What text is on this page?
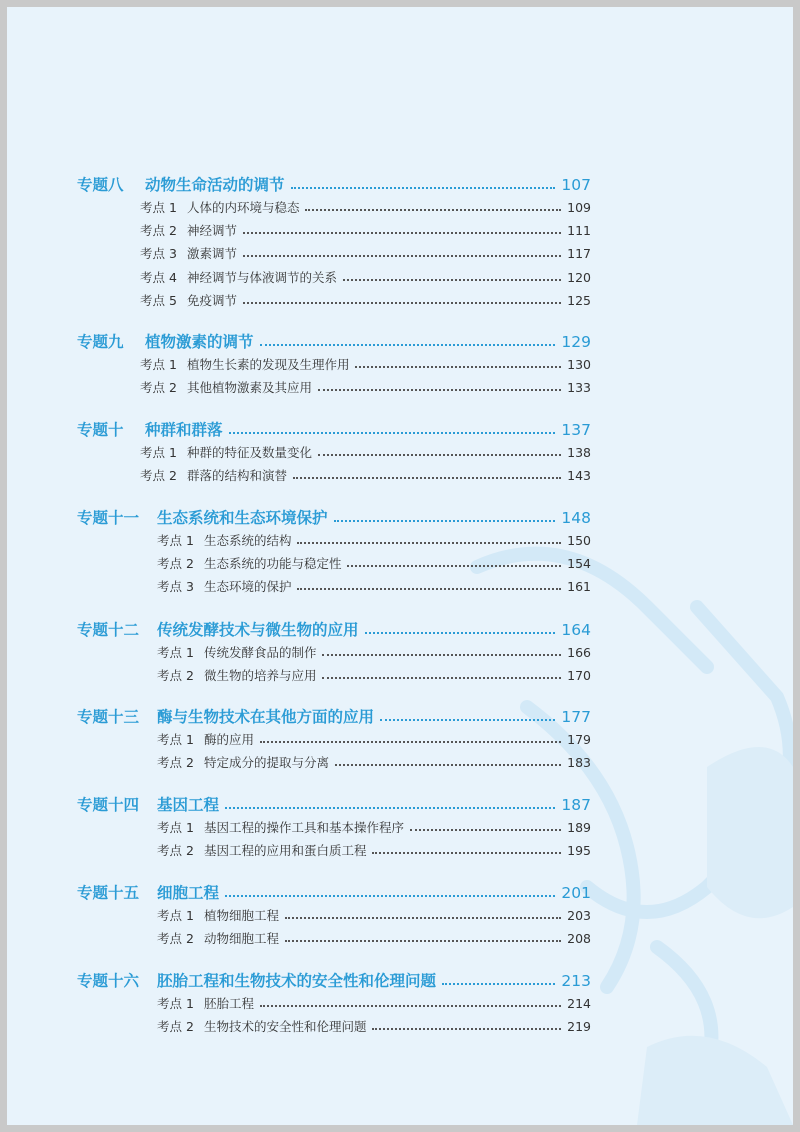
专题八	动物生命活动的调节	107
考点 1 人体的内环境与稳态	109
考点 2 神经调节	111
考点 3 激素调节	117
考点 4 神经调节与体液调节的关系	120
考点 5 免疫调节	125
专题九	植物激素的调节	129
考点 1 植物生长素的发现及生理作用	130
考点 2 其他植物激素及其应用	133
专题十	种群和群落	137
考点 1 种群的特征及数量变化	138
考点 2 群落的结构和演替	143
专题十一	生态系统和生态环境保护	148
考点 1 生态系统的结构	150
考点 2 生态系统的功能与稳定性	154
考点 3 生态环境的保护	161
专题十二	传统发酵技术与微生物的应用	164
考点 1 传统发酵食品的制作	166
考点 2 微生物的培养与应用	170
专题十三	酶与生物技术在其他方面的应用	177
考点 1 酶的应用	179
考点 2 特定成分的提取与分离	183
专题十四	基因工程	187
考点 1 基因工程的操作工具和基本操作程序	189
考点 2 基因工程的应用和蛋白质工程	195
专题十五	细胞工程	201
考点 1 植物细胞工程	203
考点 2 动物细胞工程	208
专题十六	胚胎工程和生物技术的安全性和伦理问题	213
考点 1 胚胎工程	214
考点 2 生物技术的安全性和伦理问题	219
